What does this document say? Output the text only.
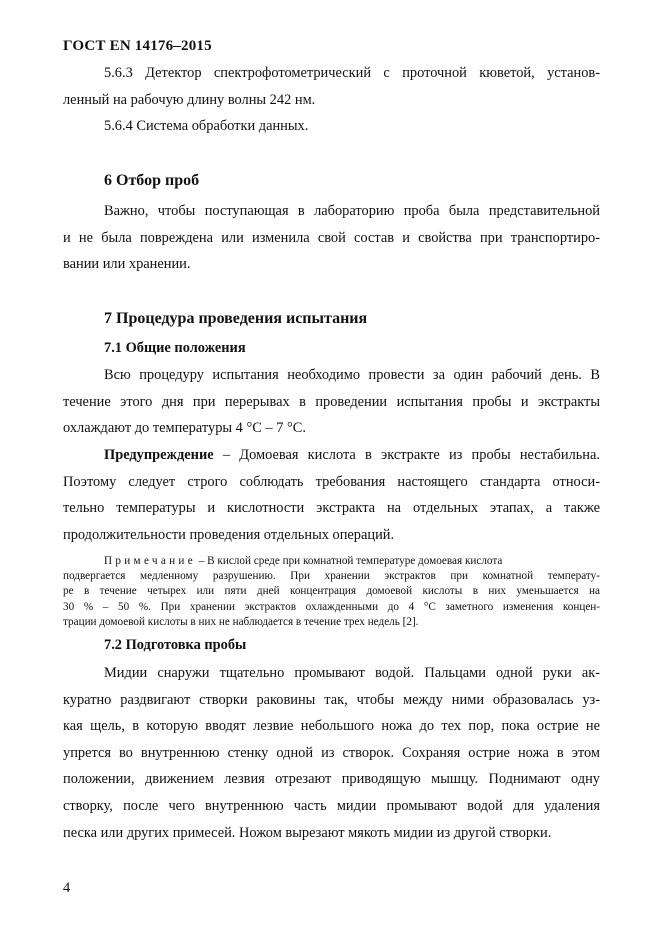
ГОСТ EN 14176–2015
5.6.3 Детектор спектрофотометрический с проточной кюветой, установ-
ленный на рабочую длину волны 242 нм.
5.6.4 Система обработки данных.
6 Отбор проб
Важно, чтобы поступающая в лабораторию проба была представительной
и не была повреждена или изменила свой состав и свойства при транспортиро-
вании или хранении.
7 Процедура проведения испытания
7.1 Общие положения
Всю процедуру испытания необходимо провести за один рабочий день. В
течение этого дня при перерывах в проведении испытания пробы и экстракты
охлаждают до температуры 4 °С – 7 °С.
Предупреждение – Домоевая кислота в экстракте из пробы нестабильна.
Поэтому следует строго соблюдать требования настоящего стандарта относи-
тельно температуры и кислотности экстракта на отдельных этапах, а также
продолжительности проведения отдельных операций.
Примечание – В кислой среде при комнатной температуре домоевая кислота
подвергается медленному разрушению. При хранении экстрактов при комнатной температу-
ре в течение четырех или пяти дней концентрация домоевой кислоты в них уменьшается на
30 % – 50 %. При хранении экстрактов охлажденными до 4 °С заметного изменения концен-
трации домоевой кислоты в них не наблюдается в течение трех недель [2].
7.2 Подготовка пробы
Мидии снаружи тщательно промывают водой. Пальцами одной руки ак-
куратно раздвигают створки раковины так, чтобы между ними образовалась уз-
кая щель, в которую вводят лезвие небольшого ножа до тех пор, пока острие не
упрется во внутреннюю стенку одной из створок. Сохраняя острие ножа в этом
положении, движением лезвия отрезают приводящую мышцу. Поднимают одну
створку, после чего внутреннюю часть мидии промывают водой для удаления
песка или других примесей. Ножом вырезают мякоть мидии из другой створки.
4
